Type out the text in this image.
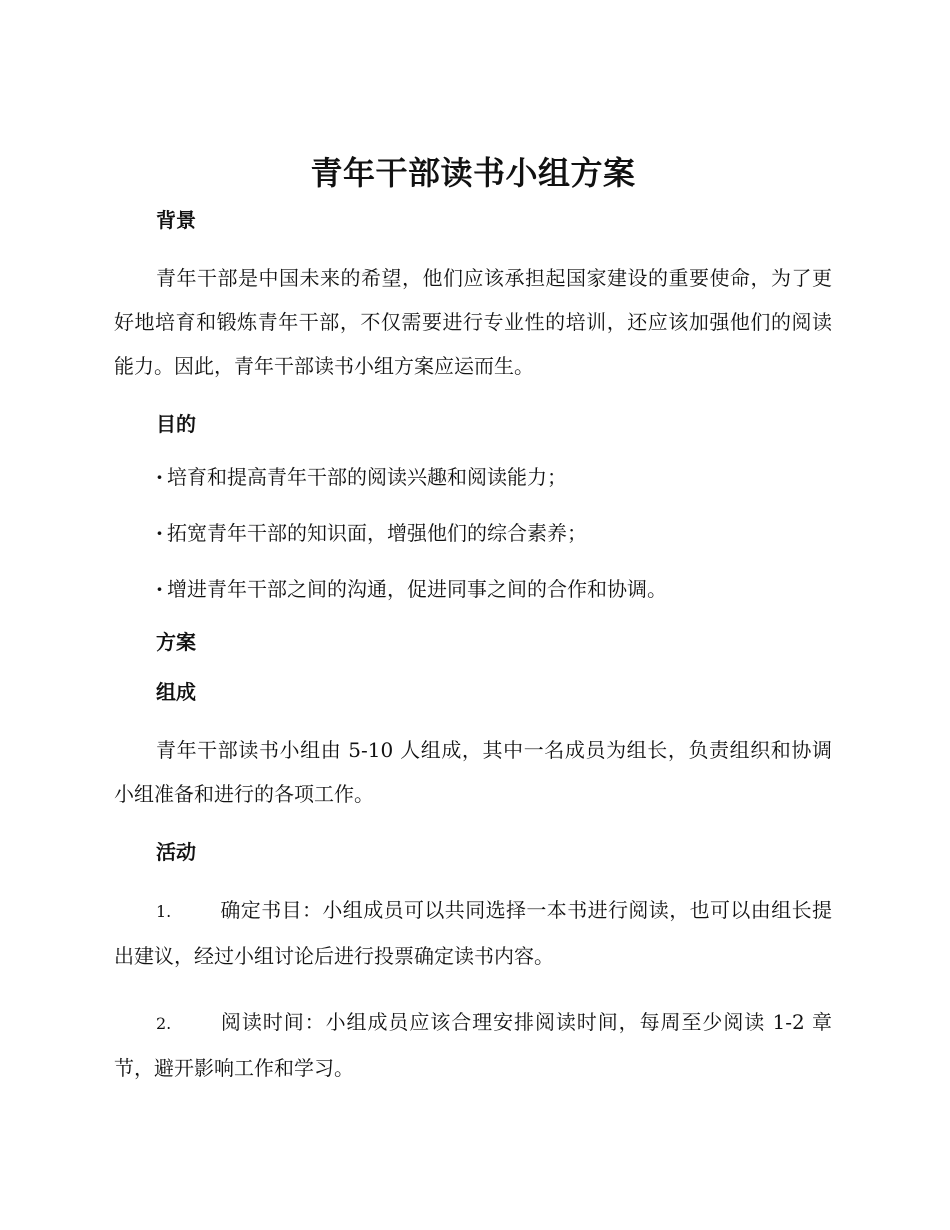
青年干部读书小组方案
背景

青年干部是中国未来的希望，他们应该承担起国家建设的重要使命，为了更好地培育和锻炼青年干部，不仅需要进行专业性的培训，还应该加强他们的阅读能力。因此，青年干部读书小组方案应运而生。

目的
· 培育和提高青年干部的阅读兴趣和阅读能力；
· 拓宽青年干部的知识面，增强他们的综合素养；
· 增进青年干部之间的沟通，促进同事之间的合作和协调。
方案
组成

青年干部读书小组由 5-10 人组成，其中一名成员为组长，负责组织和协调小组准备和进行的各项工作。

活动

1. 确定书目：小组成员可以共同选择一本书进行阅读，也可以由组长提出建议，经过小组讨论后进行投票确定读书内容。

2. 阅读时间：小组成员应该合理安排阅读时间，每周至少阅读 1-2 章节，避开影响工作和学习。
